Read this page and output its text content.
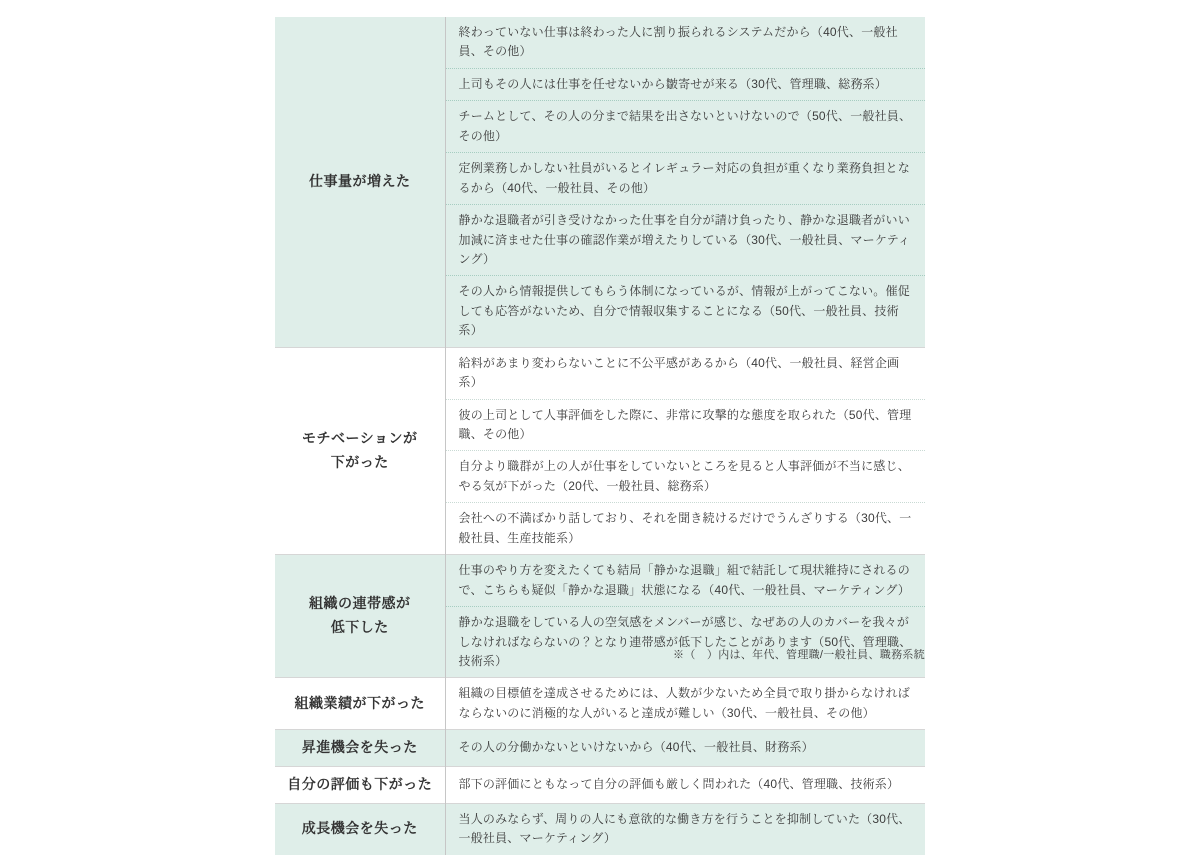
仕事量が増えた	終わっていない仕事は終わった人に割り振られるシステムだから（40代、一般社員、その他）
	上司もその人には仕事を任せないから皺寄せが来る（30代、管理職、総務系）
	チームとして、その人の分まで結果を出さないといけないので（50代、一般社員、その他）
	定例業務しかしない社員がいるとイレギュラー対応の負担が重くなり業務負担となるから（40代、一般社員、その他）
	静かな退職者が引き受けなかった仕事を自分が請け負ったり、静かな退職者がいい加減に済ませた仕事の確認作業が増えたりしている（30代、一般社員、マーケティング）
	その人から情報提供してもらう体制になっているが、情報が上がってこない。催促しても応答がないため、自分で情報収集することになる（50代、一般社員、技術系）

モチベーションが
下がった	給料があまり変わらないことに不公平感があるから（40代、一般社員、経営企画系）
	彼の上司として人事評価をした際に、非常に攻撃的な態度を取られた（50代、管理職、その他）
	自分より職群が上の人が仕事をしていないところを見ると人事評価が不当に感じ、やる気が下がった（20代、一般社員、総務系）
	会社への不満ばかり話しており、それを聞き続けるだけでうんざりする（30代、一般社員、生産技能系）

組織の連帯感が
低下した	仕事のやり方を変えたくても結局「静かな退職」組で結託して現状維持にされるので、こちらも疑似「静かな退職」状態になる（40代、一般社員、マーケティング）
	静かな退職をしている人の空気感をメンバーが感じ、なぜあの人のカバーを我々がしなければならないの？となり連帯感が低下したことがあります（50代、管理職、技術系）

組織業績が下がった	組織の目標値を達成させるためには、人数が少ないため全員で取り掛からなければならないのに消極的な人がいると達成が難しい（30代、一般社員、その他）

昇進機会を失った	その人の分働かないといけないから（40代、一般社員、財務系）

自分の評価も下がった	部下の評価にともなって自分の評価も厳しく問われた（40代、管理職、技術系）

成長機会を失った	当人のみならず、周りの人にも意欲的な働き方を行うことを抑制していた（30代、一般社員、マーケティング）
※（　）内は、年代、管理職/一般社員、職務系統
